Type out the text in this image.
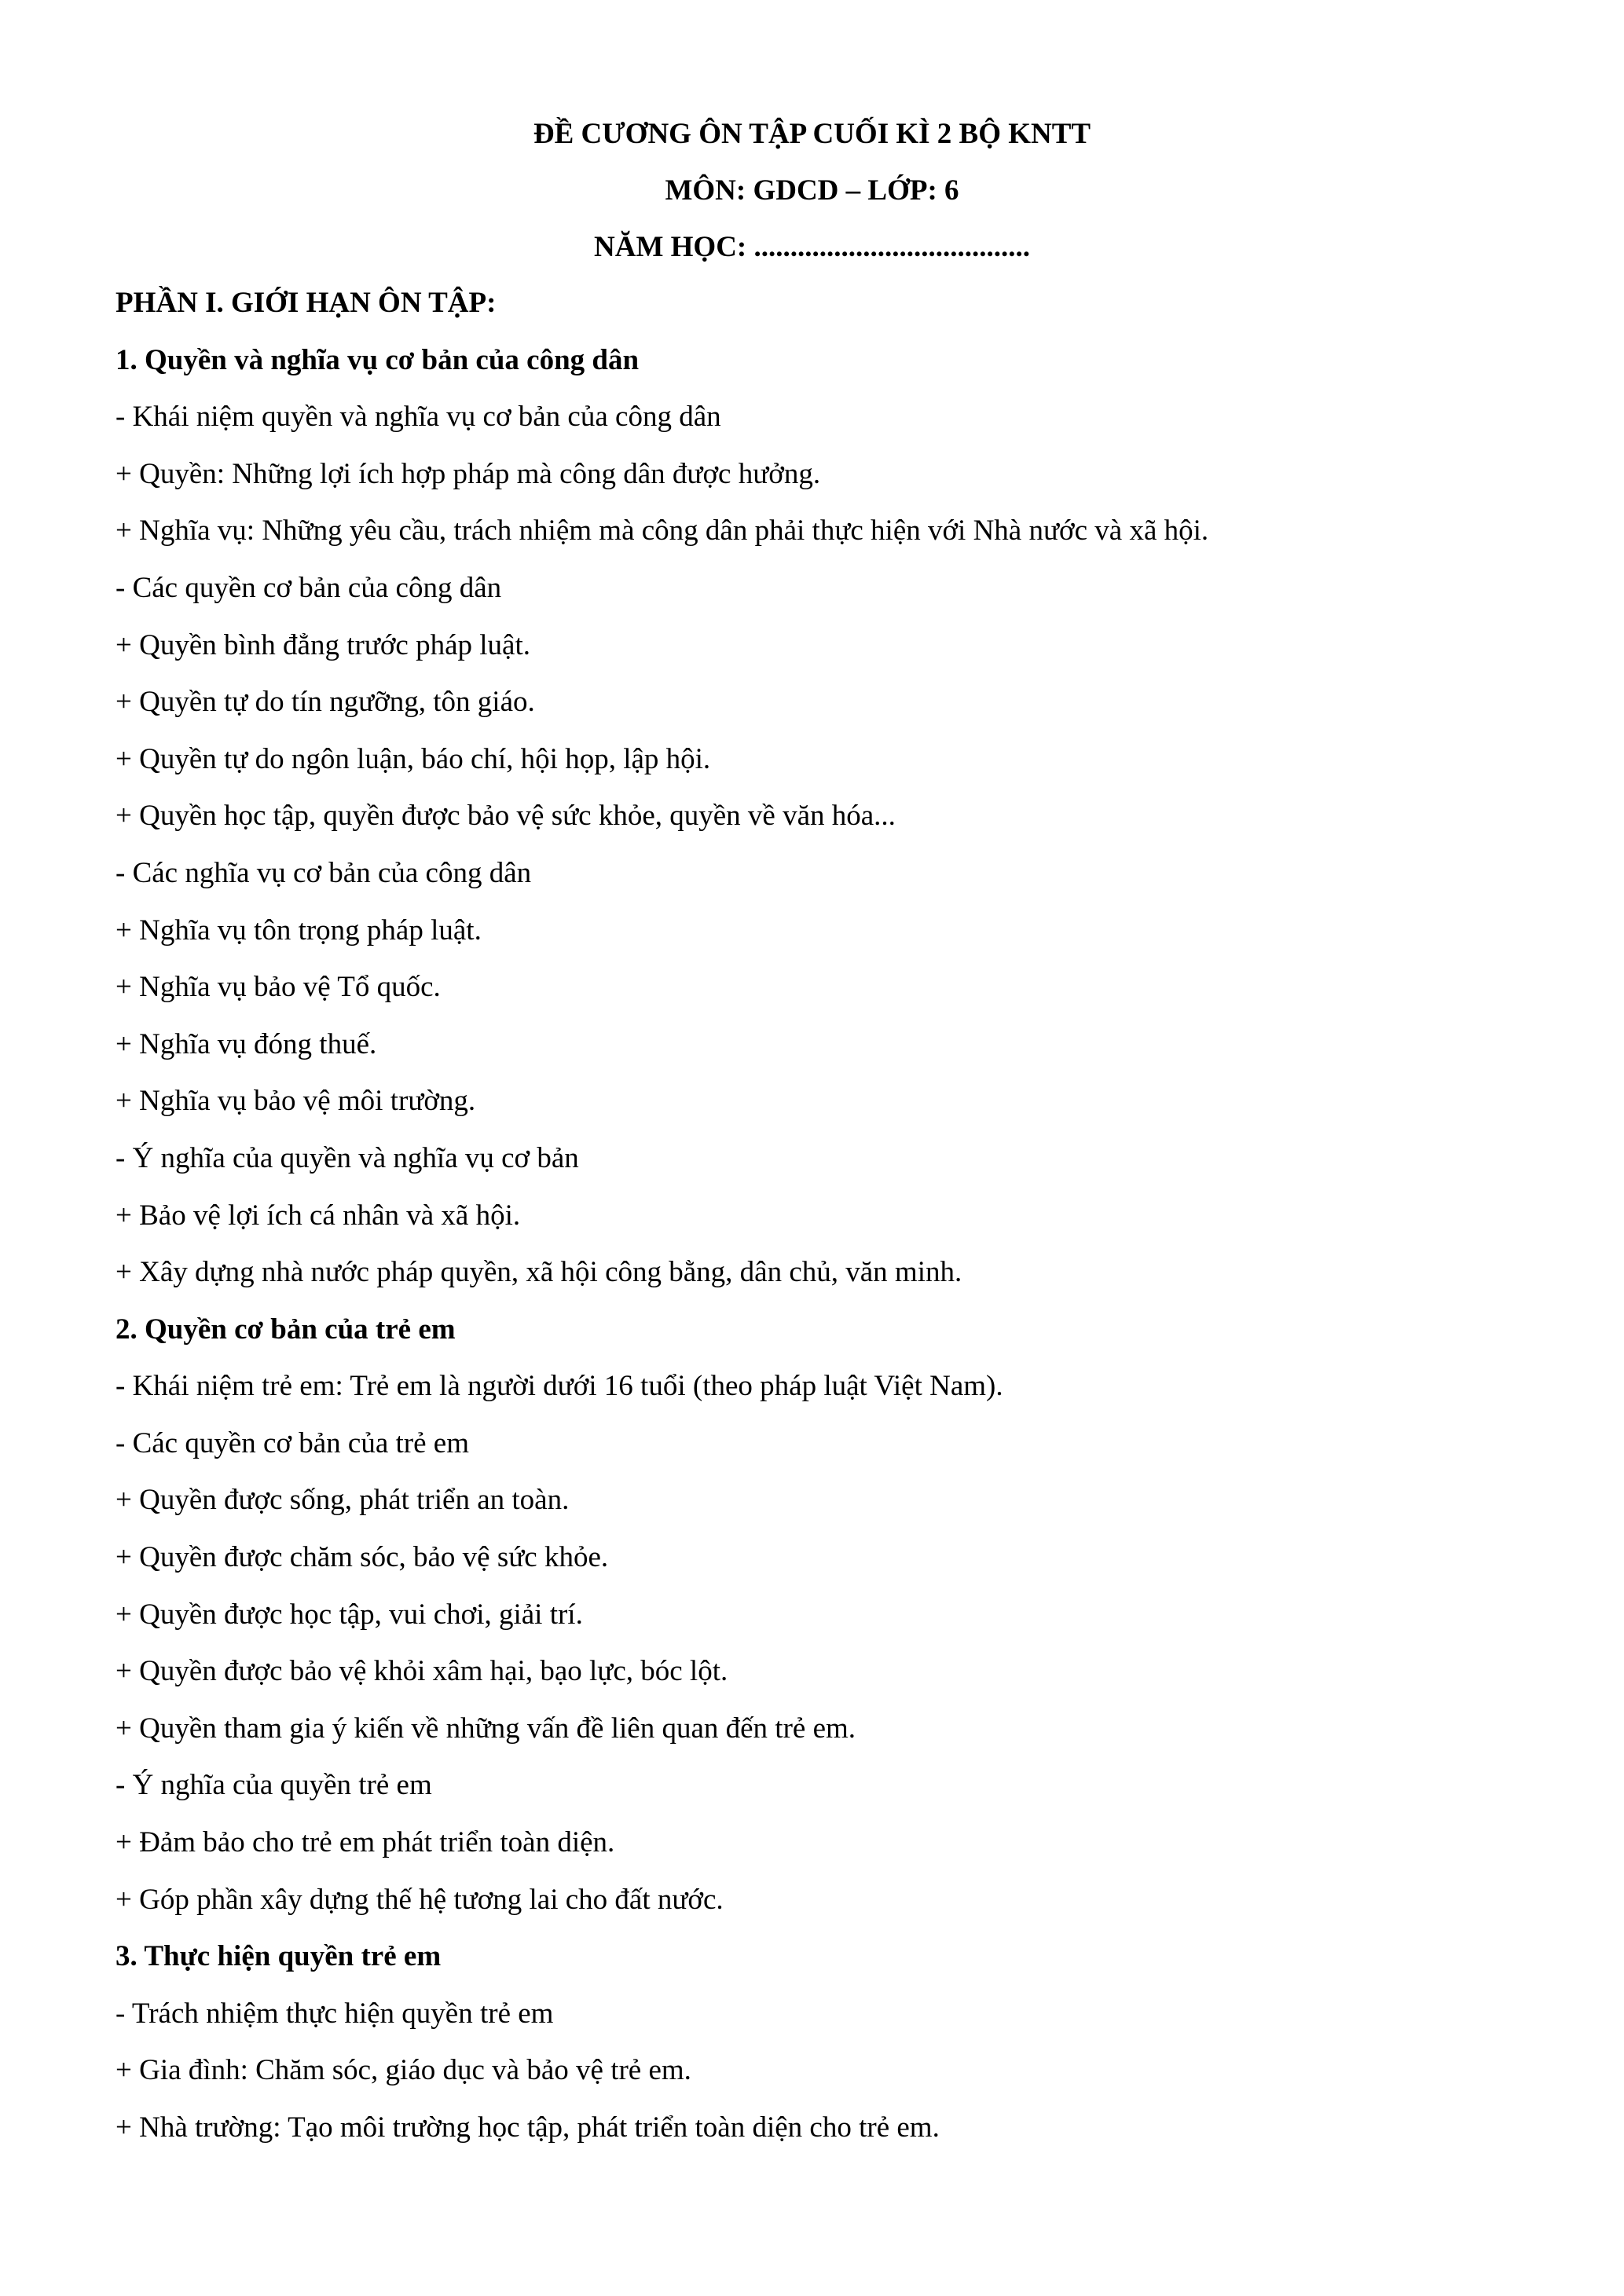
ĐỀ CƯƠNG ÔN TẬP CUỐI KÌ 2 BỘ KNTT
MÔN: GDCD – LỚP: 6
NĂM HỌC: ......................................
PHẦN I. GIỚI HẠN ÔN TẬP:
1. Quyền và nghĩa vụ cơ bản của công dân
- Khái niệm quyền và nghĩa vụ cơ bản của công dân
+ Quyền: Những lợi ích hợp pháp mà công dân được hưởng.
+ Nghĩa vụ: Những yêu cầu, trách nhiệm mà công dân phải thực hiện với Nhà nước và xã hội.
- Các quyền cơ bản của công dân
+ Quyền bình đẳng trước pháp luật.
+ Quyền tự do tín ngưỡng, tôn giáo.
+ Quyền tự do ngôn luận, báo chí, hội họp, lập hội.
+ Quyền học tập, quyền được bảo vệ sức khỏe, quyền về văn hóa...
- Các nghĩa vụ cơ bản của công dân
+ Nghĩa vụ tôn trọng pháp luật.
+ Nghĩa vụ bảo vệ Tổ quốc.
+ Nghĩa vụ đóng thuế.
+ Nghĩa vụ bảo vệ môi trường.
- Ý nghĩa của quyền và nghĩa vụ cơ bản
+ Bảo vệ lợi ích cá nhân và xã hội.
+ Xây dựng nhà nước pháp quyền, xã hội công bằng, dân chủ, văn minh.
2. Quyền cơ bản của trẻ em
- Khái niệm trẻ em: Trẻ em là người dưới 16 tuổi (theo pháp luật Việt Nam).
- Các quyền cơ bản của trẻ em
+ Quyền được sống, phát triển an toàn.
+ Quyền được chăm sóc, bảo vệ sức khỏe.
+ Quyền được học tập, vui chơi, giải trí.
+ Quyền được bảo vệ khỏi xâm hại, bạo lực, bóc lột.
+ Quyền tham gia ý kiến về những vấn đề liên quan đến trẻ em.
- Ý nghĩa của quyền trẻ em
+ Đảm bảo cho trẻ em phát triển toàn diện.
+ Góp phần xây dựng thế hệ tương lai cho đất nước.
3. Thực hiện quyền trẻ em
- Trách nhiệm thực hiện quyền trẻ em
+ Gia đình: Chăm sóc, giáo dục và bảo vệ trẻ em.
+ Nhà trường: Tạo môi trường học tập, phát triển toàn diện cho trẻ em.
